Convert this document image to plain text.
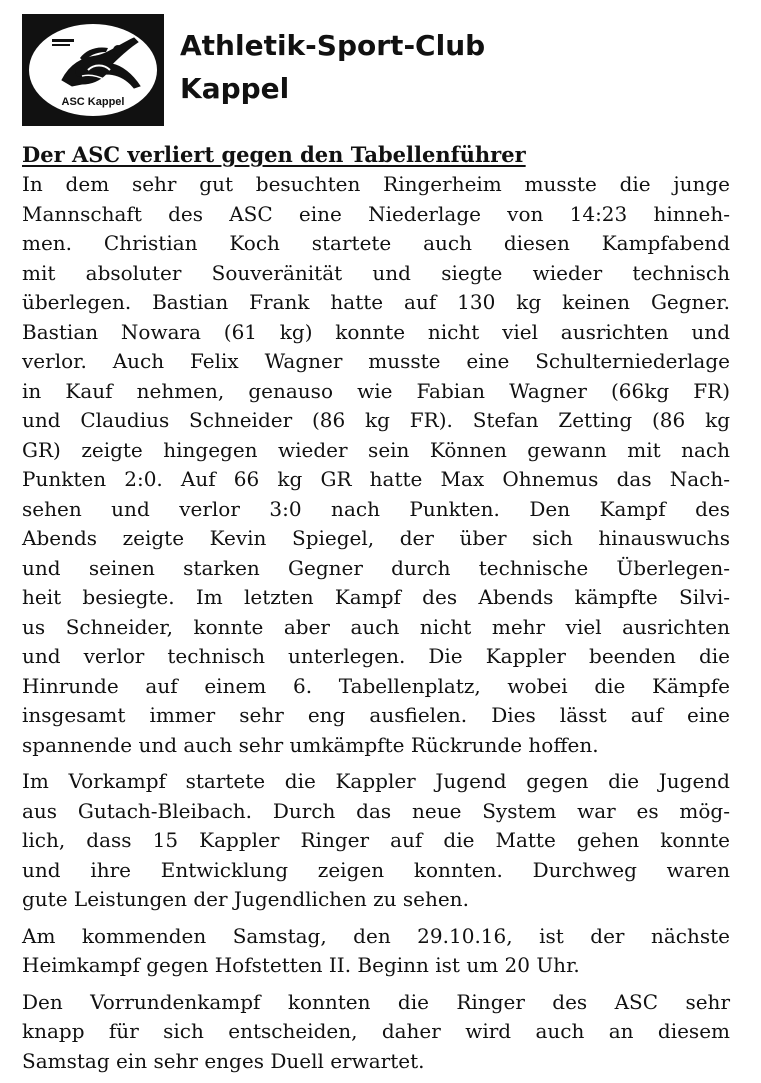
ASC Kappel
Athletik-Sport-Club
Kappel
Der ASC verliert gegen den Tabellenführer

In dem sehr gut besuchten Ringerheim musste die junge
Mannschaft des ASC eine Niederlage von 14:23 hinneh-
men. Christian Koch startete auch diesen Kampfabend
mit absoluter Souveränität und siegte wieder technisch
überlegen. Bastian Frank hatte auf 130 kg keinen Gegner.
Bastian Nowara (61 kg) konnte nicht viel ausrichten und
verlor. Auch Felix Wagner musste eine Schulterniederlage
in Kauf nehmen, genauso wie Fabian Wagner (66kg FR)
und Claudius Schneider (86 kg FR). Stefan Zetting (86 kg
GR) zeigte hingegen wieder sein Können gewann mit nach
Punkten 2:0. Auf 66 kg GR hatte Max Ohnemus das Nach-
sehen und verlor 3:0 nach Punkten. Den Kampf des
Abends zeigte Kevin Spiegel, der über sich hinauswuchs
und seinen starken Gegner durch technische Überlegen-
heit besiegte. Im letzten Kampf des Abends kämpfte Silvi-
us Schneider, konnte aber auch nicht mehr viel ausrichten
und verlor technisch unterlegen. Die Kappler beenden die
Hinrunde auf einem 6. Tabellenplatz, wobei die Kämpfe
insgesamt immer sehr eng ausfielen. Dies lässt auf eine
spannende und auch sehr umkämpfte Rückrunde hoffen.

Im Vorkampf startete die Kappler Jugend gegen die Jugend
aus Gutach-Bleibach. Durch das neue System war es mög-
lich, dass 15 Kappler Ringer auf die Matte gehen konnte
und ihre Entwicklung zeigen konnten. Durchweg waren
gute Leistungen der Jugendlichen zu sehen.

Am kommenden Samstag, den 29.10.16, ist der nächste
Heimkampf gegen Hofstetten II. Beginn ist um 20 Uhr.

Den Vorrundenkampf konnten die Ringer des ASC sehr
knapp für sich entscheiden, daher wird auch an diesem
Samstag ein sehr enges Duell erwartet.
